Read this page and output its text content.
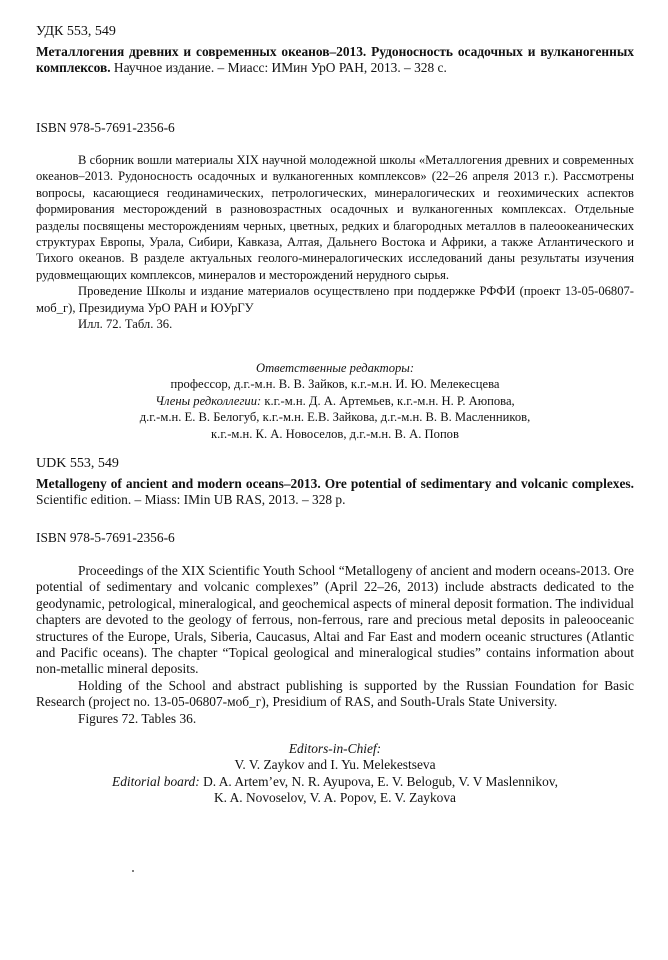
УДК 553, 549
Металлогения древних и современных океанов–2013. Рудоносность осадочных и вулканогенных комплексов. Научное издание. – Миасс: ИМин УрО РАН, 2013. – 328 с.
ISBN 978-5-7691-2356-6

В сборник вошли материалы XIX научной молодежной школы «Металлогения древних и современных океанов–2013. Рудоносность осадочных и вулканогенных комплексов» (22–26 апреля 2013 г.). Рассмотрены вопросы, касающиеся геодинамических, петрологических, минералогических и геохимических аспектов формирования месторождений в разновозрастных осадочных и вулканогенных комплексах. Отдельные разделы посвящены месторождениям черных, цветных, редких и благородных металлов в палеоокеанических структурах Европы, Урала, Сибири, Кавказа, Алтая, Дальнего Востока и Африки, а также Атлантического и Тихого океанов. В разделе актуальных геолого-минералогических исследований даны результаты изучения рудовмещающих комплексов, минералов и месторождений нерудного сырья.

Проведение Школы и издание материалов осуществлено при поддержке РФФИ (проект 13-05-06807-моб_г), Президиума УрО РАН и ЮУрГУ

Илл. 72. Табл. 36.
Ответственные редакторы:
профессор, д.г.-м.н. В. В. Зайков, к.г.-м.н. И. Ю. Мелекесцева
Члены редколлегии: к.г.-м.н. Д. А. Артемьев, к.г.-м.н. Н. Р. Аюпова,
д.г.-м.н. Е. В. Белогуб, к.г.-м.н. Е.В. Зайкова, д.г.-м.н. В. В. Масленников,
к.г.-м.н. К. А. Новоселов, д.г.-м.н. В. А. Попов
UDK 553, 549
Metallogeny of ancient and modern oceans–2013. Ore potential of sedimentary and volcanic complexes. Scientific edition. – Miass: IMin UB RAS, 2013. – 328 p.
ISBN 978-5-7691-2356-6

Proceedings of the XIX Scientific Youth School “Metallogeny of ancient and modern oceans-2013. Ore potential of sedimentary and volcanic complexes” (April 22–26, 2013) include abstracts dedicated to the geodynamic, petrological, mineralogical, and geochemical aspects of mineral deposit formation. The individual chapters are devoted to the geology of ferrous, non-ferrous, rare and precious metal deposits in paleooceanic structures of the Europe, Urals, Siberia, Caucasus, Altai and Far East and modern oceanic structures (Atlantic and Pacific oceans). The chapter “Topical geological and mineralogical studies” contains information about non-metallic mineral deposits.

Holding of the School and abstract publishing is supported by the Russian Foundation for Basic Research (project no. 13-05-06807-моб_г), Presidium of RAS, and South-Urals State University.

Figures 72. Tables 36.
Editors-in-Chief:
V. V. Zaykov and I. Yu. Melekestseva
Editorial board: D. A. Artem’ev, N. R. Ayupova, E. V. Belogub, V. V Maslennikov,
K. A. Novoselov, V. A. Popov, E. V. Zaykova
